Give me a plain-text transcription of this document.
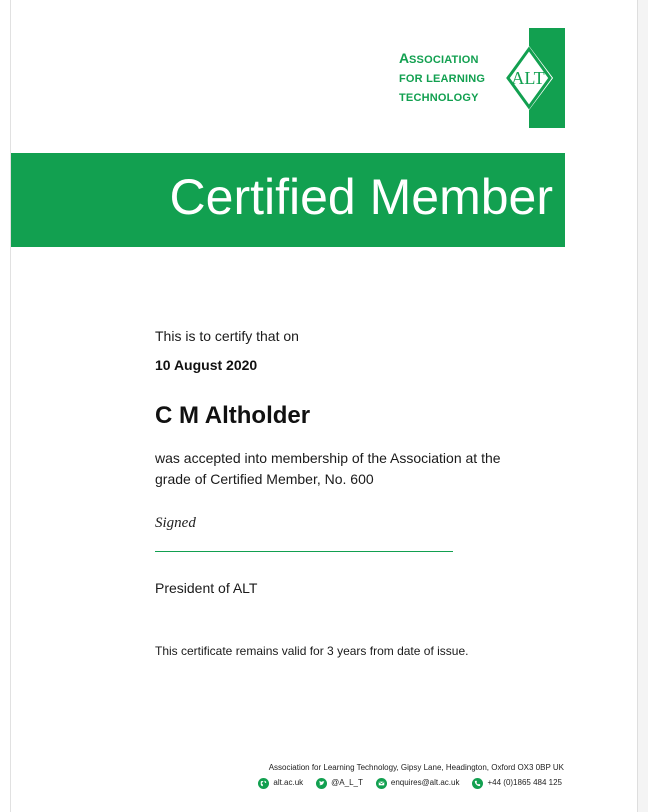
A SSOCIATION
FOR LEARNING
TECHNOLOGY
ALT
Certified Member
This is to certify that on
10 August 2020
C M Altholder
was accepted into membership of the Association at the
grade of Certified Member, No. 600
Signed
President of ALT
This certificate remains valid for 3 years from date of issue.
Association for Learning Technology, Gipsy Lane, Headington, Oxford OX3 0BP UK
alt.ac.uk	@A_L_T	enquires@alt.ac.uk	+44 (0)1865 484 125
